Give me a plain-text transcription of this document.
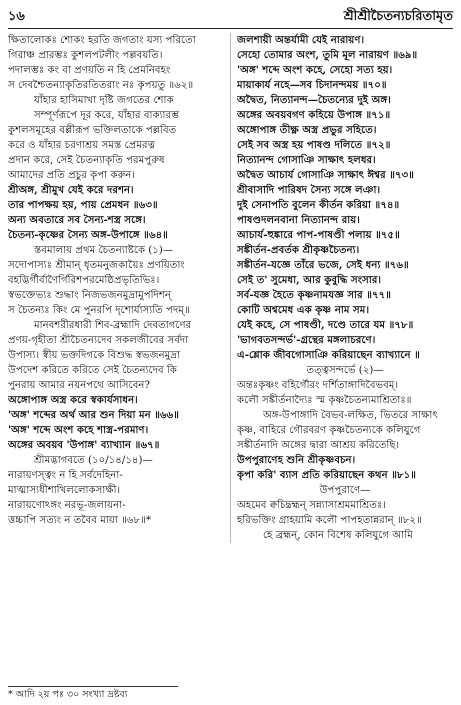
১৬	শ্রীশ্রীচৈতন্যচরিতামৃত
ক্ষিতালোকঃ শোকং হরতি জগতাং যস্য পরিতো
গিরাঞ্চ প্রারম্ভঃ কুশলপটলীং পল্লবয়তি।
পদালম্ভঃ কং বা প্রণয়তি ন হি প্রেমনিবহং
স দেবশ্চৈতন্যাকৃতিরতিতরাং নঃ কৃপয়তু ॥৬২॥
যাঁহার হাসিমাখা দৃষ্টি জগতের শোক
সম্পূর্ণরূপে দূর করে, যাঁহার বাক্যারম্ভ
কুশলসমূহের বল্লীরূপ ভক্তিলতাকে পল্লবিত
করে ও যাঁহার চরণাশ্রয় সমস্ত প্রেমরত্ন
প্রদান করে, সেই চৈতন্যাকৃতি পরমপুরুষ
আমাদের প্রতি প্রচুর কৃপা করুন।
শ্রীঅঙ্গ, শ্রীমুখ যেই করে দরশন।
তার পাপক্ষয় হয়, পায় প্রেমধন ॥৬৩॥
অন্য অবতারে সব সৈন্য-শস্ত্র সঙ্গে।
চৈতন্য-কৃষ্ণের সৈন্য অঙ্গ-উপাঙ্গে ॥৬৪॥
স্তবমালায় প্রথম চৈতন্যাষ্টকে (১)—
সদোপাস্যঃ শ্রীমান্ ধৃতমনুজকায়ৈঃ প্রণয়িতাং
বহদ্ভির্গীর্বাণৈর্গিরিশপরমেষ্ঠিপ্রভৃতিভিঃ।
স্বভক্তেভ্যঃ শুদ্ধাং নিজভজনমুদ্রামুপদিশন্
স চৈতন্যঃ কিং মে পুনরপি দৃশোর্যাস্যতি পদম্॥
মানবশরীরধারী শিব-ব্রহ্মাদি দেবতাগণের
প্রণয়-গৃহীতা শ্রীচৈতন্যদেব সকলজীবের সর্বদা
উপাস্য। স্বীয় ভক্তদিগকে বিশুদ্ধ স্বভজনমুদ্রা
উপদেশ করিতে করিতে সেই চৈতন্যদেব কি
পুনরায় আমার নয়নপথে আসিবেন?
অঙ্গোপাঙ্গ অস্ত্র করে স্বকার্যসাধন।
'অঙ্গ' শব্দের অর্থ আর শুন দিয়া মন ॥৬৬॥
'অঙ্গ' শব্দে অংশ কহে শাস্ত্র-পরমাণ।
অঙ্গের অবয়ব 'উপাঙ্গ' ব্যাখ্যান ॥৬৭॥
শ্রীমদ্ভাগবতে (১০/১৪/১৪)—
নারায়ণস্ত্বং ন হি সর্বদেহিনা-
মাত্মাস্যধীশাখিললোকসাক্ষী।
নারায়ণোঽঙ্গং নরভূ-জলায়না-
ত্তচ্চাপি সত্যং ন তবৈব মায়া ॥৬৮॥*
জলশায়ী অন্তর্যামী যেই নারায়ণ।
সেহো তোমার অংশ, তুমি মূল নারায়ণ ॥৬৯॥
'অঙ্গ' শব্দে অংশ কহে, সেহো সত্য হয়।
মায়াকার্য নহে—সব চিদানন্দময় ॥৭০॥
অদ্বৈত, নিত্যানন্দ—চৈতন্যের দুই অঙ্গ।
অঙ্গের অবয়বগণ কহিয়ে উপাঙ্গ ॥৭১॥
অঙ্গোপাঙ্গ তীক্ষ্ণ অস্ত্র প্রভুর সহিতে।
সেই সব অস্ত্র হয় পাষণ্ড দলিতে ॥৭২॥
নিত্যানন্দ গোসাঞি সাক্ষাৎ হলধর।
অদ্বৈত আচার্য গোসাঞি সাক্ষাৎ ঈশ্বর ॥৭৩॥
শ্রীবাসাদি পারিষদ সৈন্য সঙ্গে লঞা।
দুই সেনাপতি বুলেন কীর্তন করিয়া ॥৭৪॥
পাষণ্ডদলনবানা নিত্যানন্দ রায়।
আচার্য-হুঙ্কারে পাপ-পাষণ্ডী পলায় ॥৭৫॥
সঙ্কীর্তন-প্রবর্তক শ্রীকৃষ্ণচৈতন্য।
সঙ্কীর্তন-যজ্ঞে তাঁরে ভজে, সেই ধন্য ॥৭৬॥
সেই ত' সুমেধা, আর কুবুদ্ধি সংসার।
সর্ব-যজ্ঞ হৈতে কৃষ্ণনামযজ্ঞ সার ॥৭৭॥
কোটি অশ্বমেধ এক কৃষ্ণ নাম সম।
যেই কহে, সে পাষণ্ডী, দণ্ডে তারে যম ॥৭৮॥
'ভাগবতসন্দর্ভ'-গ্রন্থের মঙ্গলাচরণে।
এ-শ্লোক জীবগোসাঞি করিয়াছেন ব্যাখ্যানে ॥
তত্ত্বসন্দর্ভে (২)—
অন্তঃকৃষ্ণং বহির্গৌরং দর্শিতাঙ্গাদিবৈভবম্।
কলৌ সঙ্কীর্তনাদ্যৈঃ স্ম কৃষ্ণচৈতন্যমাশ্রিতাঃ॥
অঙ্গ-উপাঙ্গাদি বৈভব-লক্ষিত, ভিতরে সাক্ষাৎ
কৃষ্ণ, বাহিরে গৌরবরণ কৃষ্ণচৈতন্যকে কলিযুগে
সঙ্কীর্তনাদি অঙ্গের দ্বারা আশ্রয় করিতেছি।
উপপুরাণেহ শুনি শ্রীকৃষ্ণবচন।
কৃপা করি' ব্যাস প্রতি করিয়াছেন কথন ॥৮১॥
উপপুরাণে—
অহমেব ক্বচিদ্ব্রহ্মন্ সন্ন্যাসাশ্রমমাশ্রিতঃ।
হরিভক্তিং গ্রাহয়ামি কলৌ পাপহতান্নরান্ ॥৮২॥
হে ব্রহ্মন্, কোন বিশেষ কলিযুগে আমি
* আদি ২য় পঃ ৩০ সংখ্যা দ্রষ্টব্য
